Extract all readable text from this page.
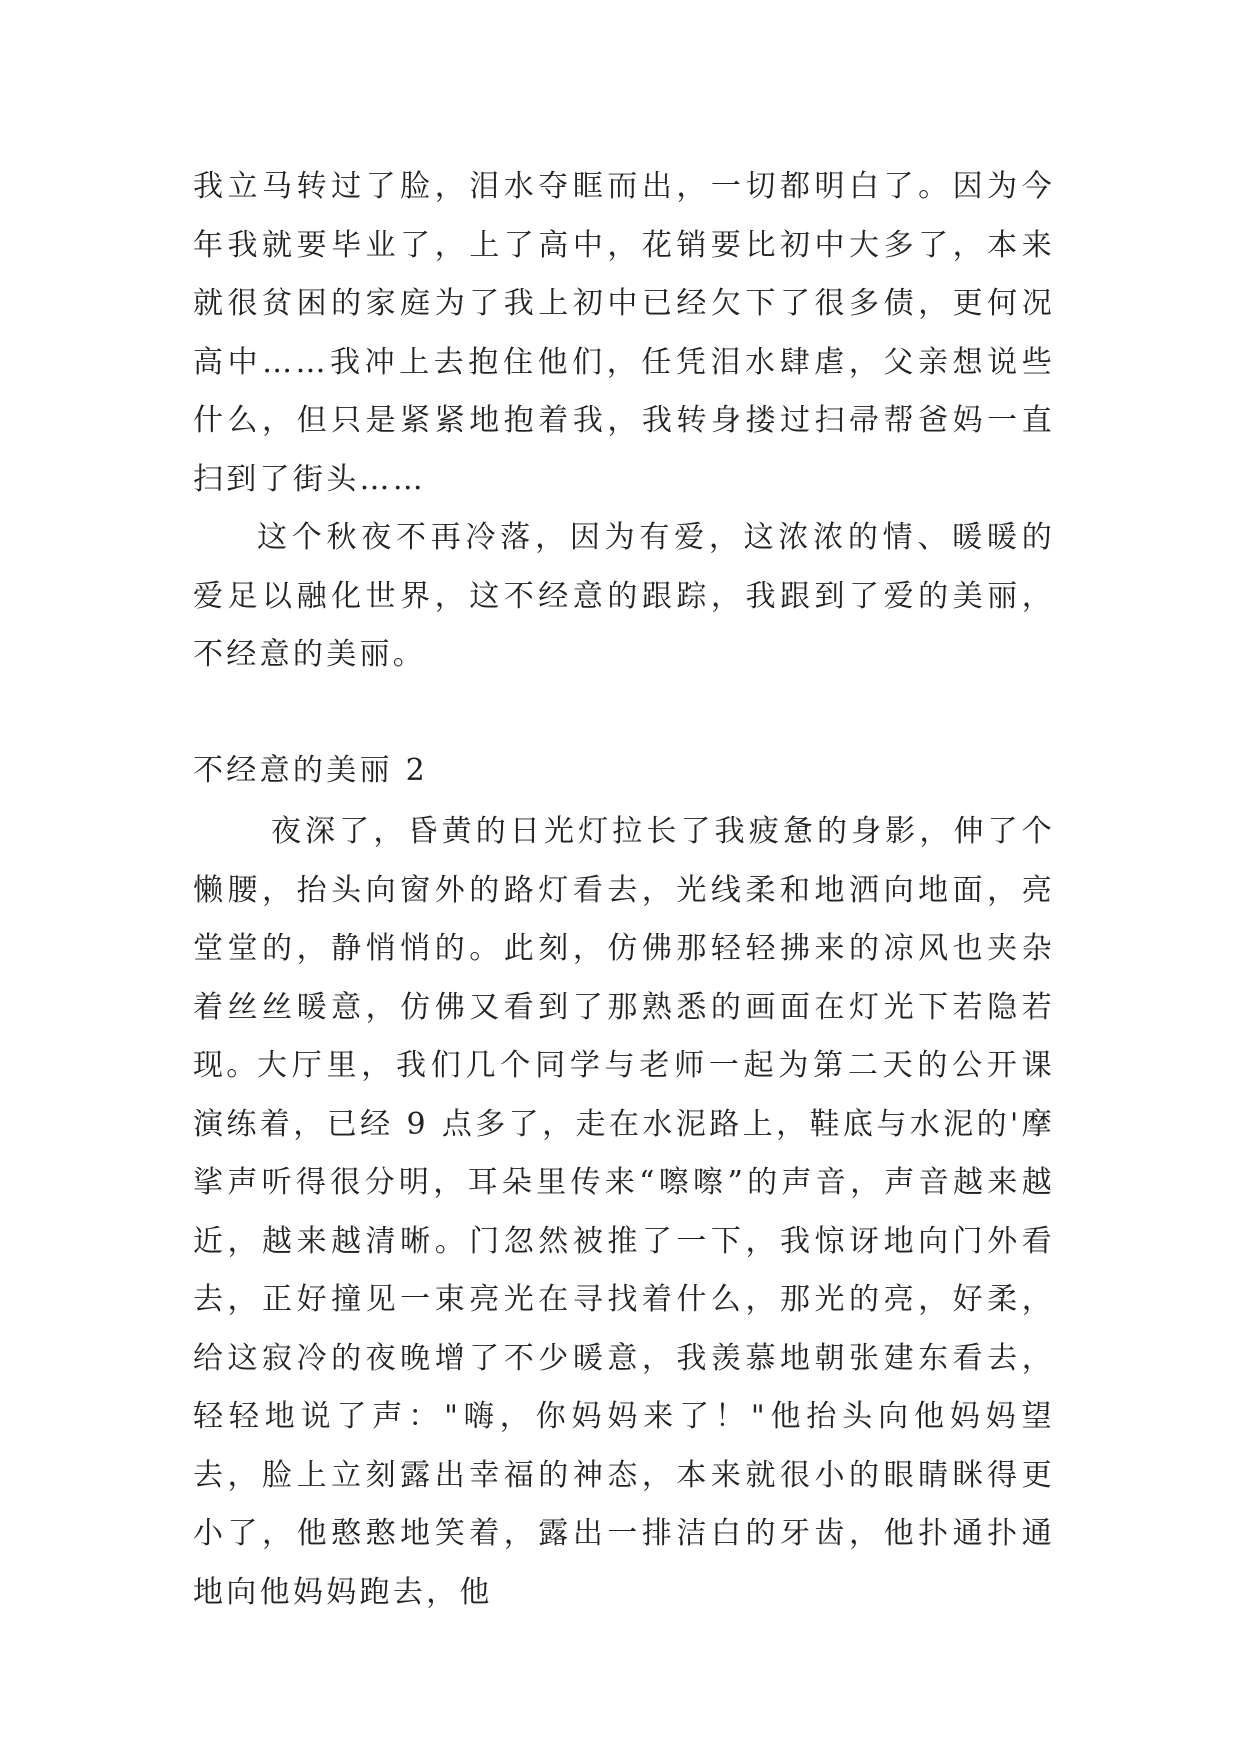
我立马转过了脸，泪水夺眶而出，一切都明白了。因为今年我就要毕业了，上了高中，花销要比初中大多了，本来就很贫困的家庭为了我上初中已经欠下了很多债，更何况高中……我冲上去抱住他们，任凭泪水肆虐，父亲想说些什么，但只是紧紧地抱着我，我转身搂过扫帚帮爸妈一直扫到了街头……

这个秋夜不再冷落，因为有爱，这浓浓的情、暖暖的爱足以融化世界，这不经意的跟踪，我跟到了爱的美丽，不经意的美丽。

不经意的美丽 2

夜深了，昏黄的日光灯拉长了我疲惫的身影，伸了个懒腰，抬头向窗外的路灯看去，光线柔和地洒向地面，亮堂堂的，静悄悄的。此刻，仿佛那轻轻拂来的凉风也夹杂着丝丝暖意，仿佛又看到了那熟悉的画面在灯光下若隐若现。

大厅里，我们几个同学与老师一起为第二天的公开课演练着，已经 9 点多了，走在水泥路上，鞋底与水泥的'摩挲声听得很分明，耳朵里传来“嚓嚓”的声音，声音越来越近，越来越清晰。门忽然被推了一下，我惊讶地向门外看去，正好撞见一束亮光在寻找着什么，那光的亮，好柔，给这寂冷的夜晚增了不少暖意，我羡慕地朝张建东看去，轻轻地说了声："嗨，你妈妈来了！"他抬头向他妈妈望去，脸上立刻露出幸福的神态，本来就很小的眼睛眯得更小了，他憨憨地笑着，露出一排洁白的牙齿，他扑通扑通地向他妈妈跑去，他
